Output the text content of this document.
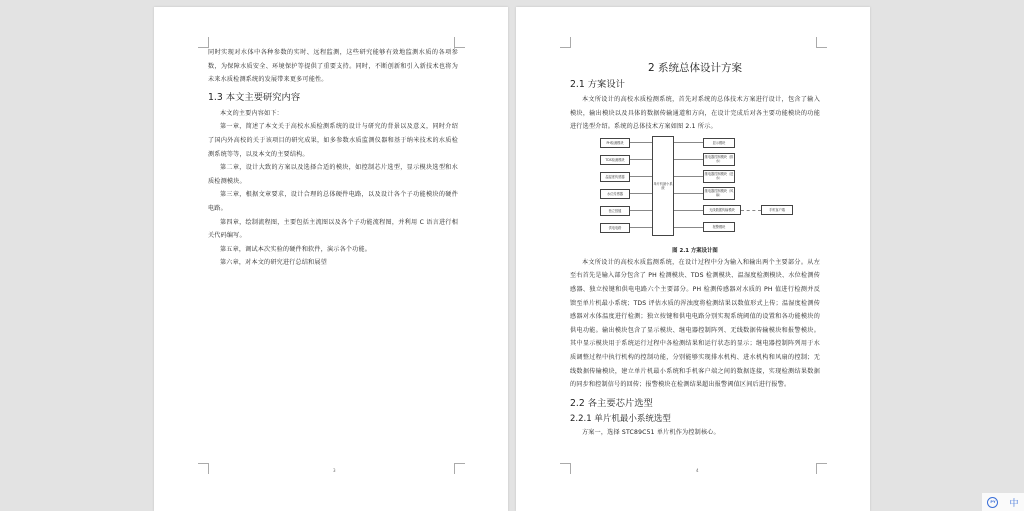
同时实现对水体中各种参数的实时、远程监测，这些研究能够有效地监测水质的各项参数，为保障水质安全、环境保护等提供了重要支持。同时，不断创新和引入新技术也将为未来水质检测系统的发展带来更多可能性。

1.3 本文主要研究内容

本文的主要内容如下：

第一章，简述了本文关于高校水质检测系统的设计与研究的背景以及意义，同时介绍了国内外高校的关于该项目的研究成果，如多参数水质监测仪器和基于纳米技术的水质检测系统等等，以及本文的主要结构。

第二章，设计大致的方案以及选择合适的模块，如控制芯片选型，显示模块选型和水质检测模块。

第三章，根据文章要求，设计合理的总体硬件电路，以及设计各个子功能模块的硬件电路。

第四章，绘制流程图，主要包括主流图以及各个子功能流程图，并利用 C 语言进行相关代码编写。

第五章，调试本次实验的硬件和软件，演示各个功能。

第六章，对本文的研究进行总结和展望

3
2 系统总体设计方案
2.1 方案设计

本文所设计的高校水质检测系统，首先对系统的总体技术方案进行设计，包含了输入模块，输出模块以及具体的数据传输通道和方向，在设计完成后对各主要功能模块的功能进行选型介绍。系统的总体技术方案如图 2.1 所示。

PH检测模块
TDS检测模块
温湿度传感器
水位传感器
独立按键
供电电路
单片机最小系统
显示模块
继电器控制模块（排水）
继电器控制模块（进水）
继电器控制模块（风扇）
无线数据传输模块
报警模块
手机客户端
图 2.1 方案设计图

本文所设计的高校水质监测系统，在设计过程中分为输入和输出两个主要部分。从左至右首先是输入部分包含了 PH 检测模块、TDS 检测模块、温湿度检测模块、水位检测传感器、独立按键和供电电路六个主要部分。PH 检测传感器对水质的 PH 值进行检测并反馈至单片机最小系统；TDS 评估水质的浑浊度将检测结果以数值形式上传；温湿度检测传感器对水体温度进行检测；独立按键和供电电路分别实现系统阈值的设置和各功能模块的供电功能。输出模块包含了显示模块、继电器控制阵列、无线数据传输模块和报警模块。其中显示模块用于系统运行过程中各检测结果和运行状态的显示；继电器控制阵列用于水质调整过程中执行机构的控制功能，分别能够实现排水机构、进水机构和风扇的控制；无线数据传输模块，建立单片机最小系统和手机客户端之间的数据连接，实现检测结果数据的同步和控制信号的回传；报警模块在检测结果超出报警阈值区间后进行报警。

2.2 各主要芯片选型
2.2.1 单片机最小系统选型

方案一，选择 STC89C51 单片机作为控制核心。

4
PY	中
